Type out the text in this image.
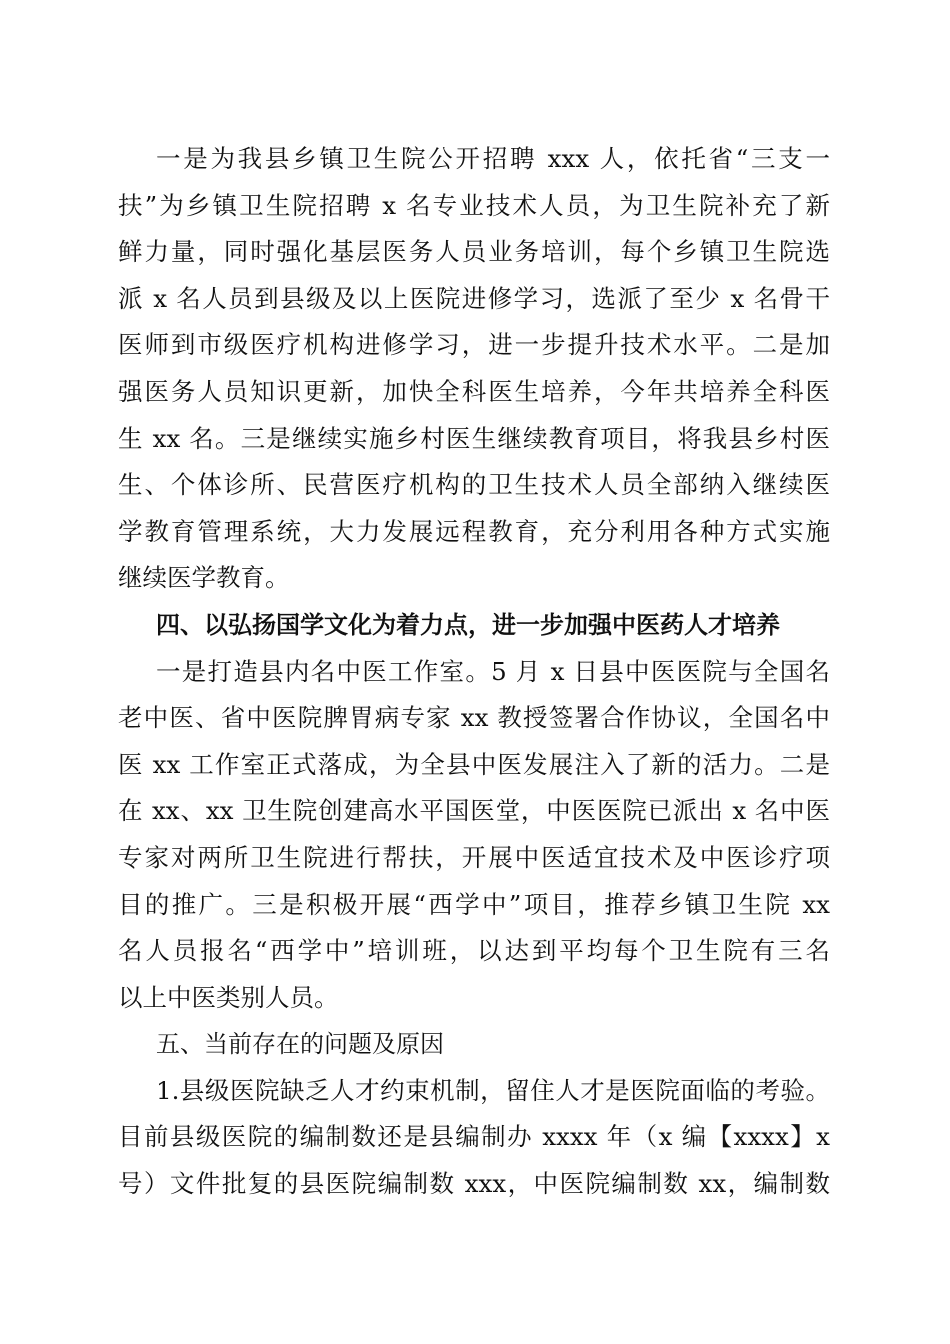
一是为我县乡镇卫生院公开招聘 xxx 人，依托省“三支一
扶”为乡镇卫生院招聘 x 名专业技术人员，为卫生院补充了新
鲜力量，同时强化基层医务人员业务培训，每个乡镇卫生院选
派 x 名人员到县级及以上医院进修学习，选派了至少 x 名骨干
医师到市级医疗机构进修学习，进一步提升技术水平。二是加
强医务人员知识更新，加快全科医生培养，今年共培养全科医
生 xx 名。三是继续实施乡村医生继续教育项目，将我县乡村医
生、个体诊所、民营医疗机构的卫生技术人员全部纳入继续医
学教育管理系统，大力发展远程教育，充分利用各种方式实施
继续医学教育。
四、以弘扬国学文化为着力点，进一步加强中医药人才培养
一是打造县内名中医工作室。5 月 x 日县中医医院与全国名
老中医、省中医院脾胃病专家 xx 教授签署合作协议，全国名中
医 xx 工作室正式落成，为全县中医发展注入了新的活力。二是
在 xx、xx 卫生院创建高水平国医堂，中医医院已派出 x 名中医
专家对两所卫生院进行帮扶，开展中医适宜技术及中医诊疗项
目的推广。三是积极开展“西学中”项目，推荐乡镇卫生院 xx
名人员报名“西学中”培训班，以达到平均每个卫生院有三名
以上中医类别人员。
五、当前存在的问题及原因
1.县级医院缺乏人才约束机制，留住人才是医院面临的考验。
目前县级医院的编制数还是县编制办 xxxx 年（x 编【xxxx】x
号）文件批复的县医院编制数 xxx，中医院编制数 xx，编制数
